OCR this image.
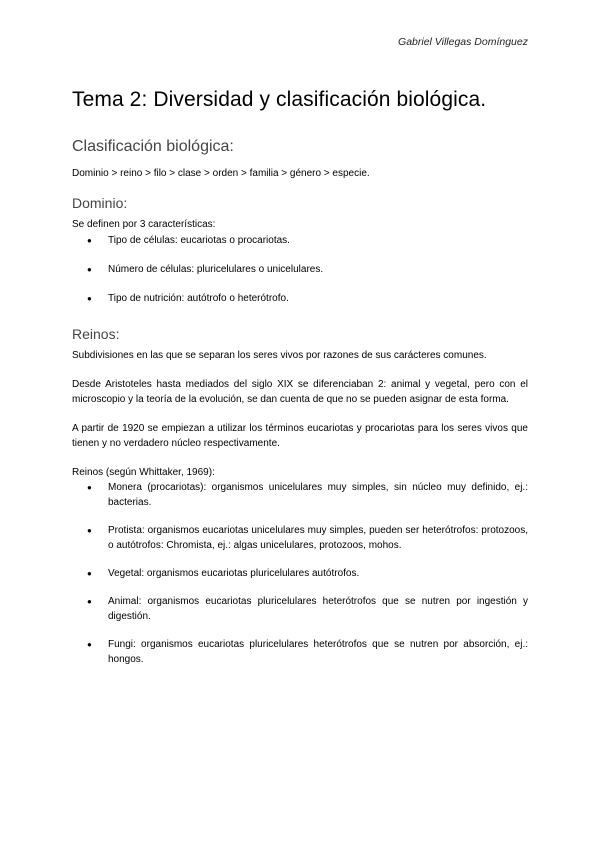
Gabriel Villegas Domínguez
Tema 2: Diversidad y clasificación biológica.
Clasificación biológica:

Dominio > reino > filo > clase > orden > familia > género > especie.

Dominio:

Se definen por 3 características:

● Tipo de células: eucariotas o procariotas.
● Número de células: pluricelulares o unicelulares.
● Tipo de nutrición: autótrofo o heterótrofo.
Reinos:

Subdivisiones en las que se separan los seres vivos por razones de sus carácteres comunes.

Desde Aristoteles hasta mediados del siglo XIX se diferenciaban 2: animal y vegetal, pero con el microscopio y la teoría de la evolución, se dan cuenta de que no se pueden asignar de esta forma.

A partir de 1920 se empiezan a utilizar los términos eucariotas y procariotas para los seres vivos que tienen y no verdadero núcleo respectivamente.

Reinos (según Whittaker, 1969):

● Monera (procariotas): organismos unicelulares muy simples, sin núcleo muy definido, ej.: bacterias.
● Protista: organismos eucariotas unicelulares muy simples, pueden ser heterótrofos: protozoos, o autótrofos: Chromista, ej.: algas unicelulares, protozoos, mohos.
● Vegetal: organismos eucariotas pluricelulares autótrofos.
● Animal: organismos eucariotas pluricelulares heterótrofos que se nutren por ingestión y digestión.
● Fungi: organismos eucariotas pluricelulares heterótrofos que se nutren por absorción, ej.: hongos.
